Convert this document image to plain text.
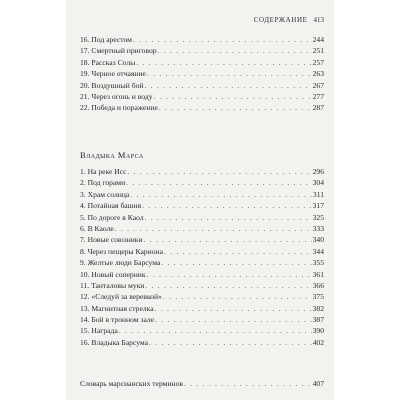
СОДЕРЖАНИЕ 413
16. Под арестом . . .	244
17. Смертный приговор . . .	251
18. Рассказ Солы . . .	257
19. Черное отчаяние . . .	263
20. Воздушный бой . . .	267
21. Через огонь и воду . . .	277
22. Победа и поражение . . .	287
Владыка Марса
1. На реке Исс . . .	296
2. Под горами . . .	304
3. Храм солнца . . .	311
4. Потайная башня . . .	317
5. По дороге в Каол . . .	325
6. В Каоле . . .	333
7. Новые союзники . . .	340
8. Через пещеры Кариона . . .	344
9. Желтые люди Барсума . . .	355
10. Новый соперник . . .	361
11. Танталовы муки . . .	366
12. «Следуй за веревкой» . . .	375
13. Магнитная стрелка . . .	382
14. Бой в тронном зале . . .	387
15. Награда . . .	390
16. Владыка Барсума . . .	402
Словарь марсианских терминов . . .	407
